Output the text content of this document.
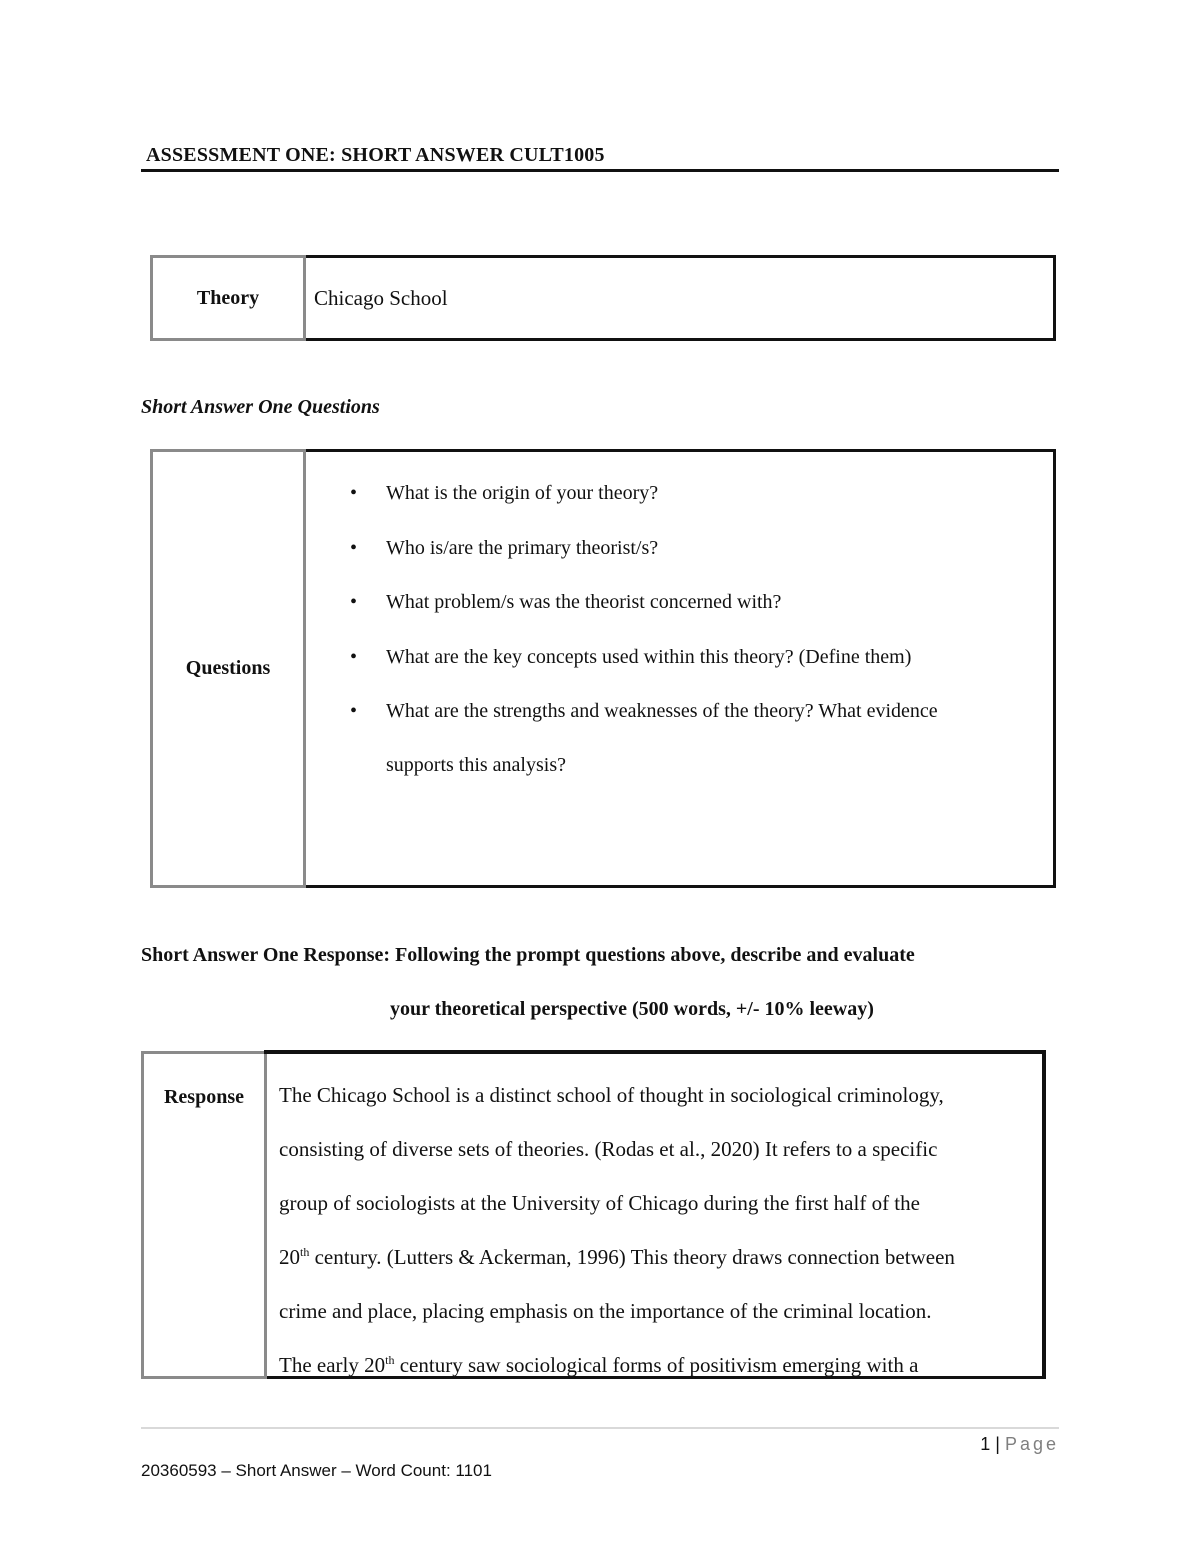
ASSESSMENT ONE: SHORT ANSWER CULT1005
Theory	Chicago School
Short Answer One Questions
Questions	
• What is the origin of your theory?
• Who is/are the primary theorist/s?
• What problem/s was the theorist concerned with?
• What are the key concepts used within this theory? (Define them)
• What are the strengths and weaknesses of the theory? What evidence
supports this analysis?
Short Answer One Response: Following the prompt questions above, describe and evaluate
your theoretical perspective (500 words, +/- 10% leeway)
Response	The Chicago School is a distinct school of thought in sociological criminology,
consisting of diverse sets of theories. (Rodas et al., 2020) It refers to a specific
group of sociologists at the University of Chicago during the first half of the
20th century. (Lutters & Ackerman, 1996) This theory draws connection between
crime and place, placing emphasis on the importance of the criminal location.
The early 20th century saw sociological forms of positivism emerging with a
1 | Page
20360593 – Short Answer – Word Count: 1101
